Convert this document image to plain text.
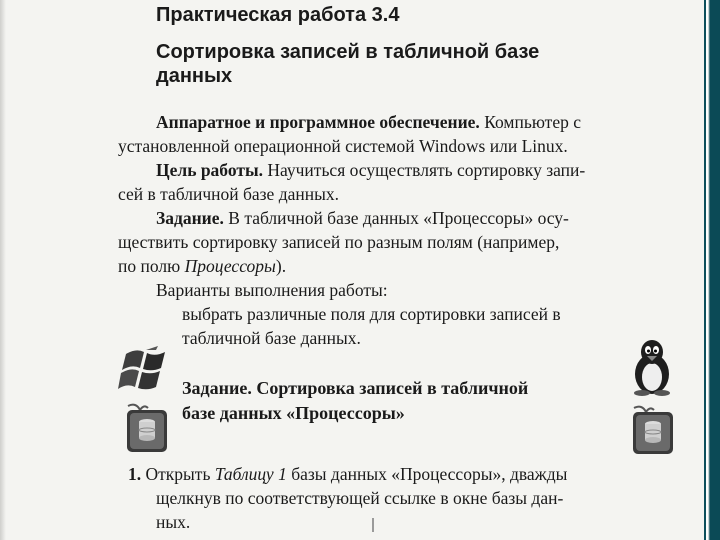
Практическая работа 3.4
Сортировка записей в табличной базе
данных
Аппаратное и программное обеспечение. Компьютер с
установленной операционной системой Windows или Linux.
Цель работы. Научиться осуществлять сортировку запи-
сей в табличной базе данных.
Задание. В табличной базе данных «Процессоры» осу-
ществить сортировку записей по разным полям (например,
по полю Процессоры).
Варианты выполнения работы:
выбрать различные поля для сортировки записей в
табличной базе данных.
Задание. Сортировка записей в табличной
базе данных «Процессоры»
1. Открыть Таблицу 1 базы данных «Процессоры», дважды
щелкнув по соответствующей ссылке в окне базы дан-
ных.
